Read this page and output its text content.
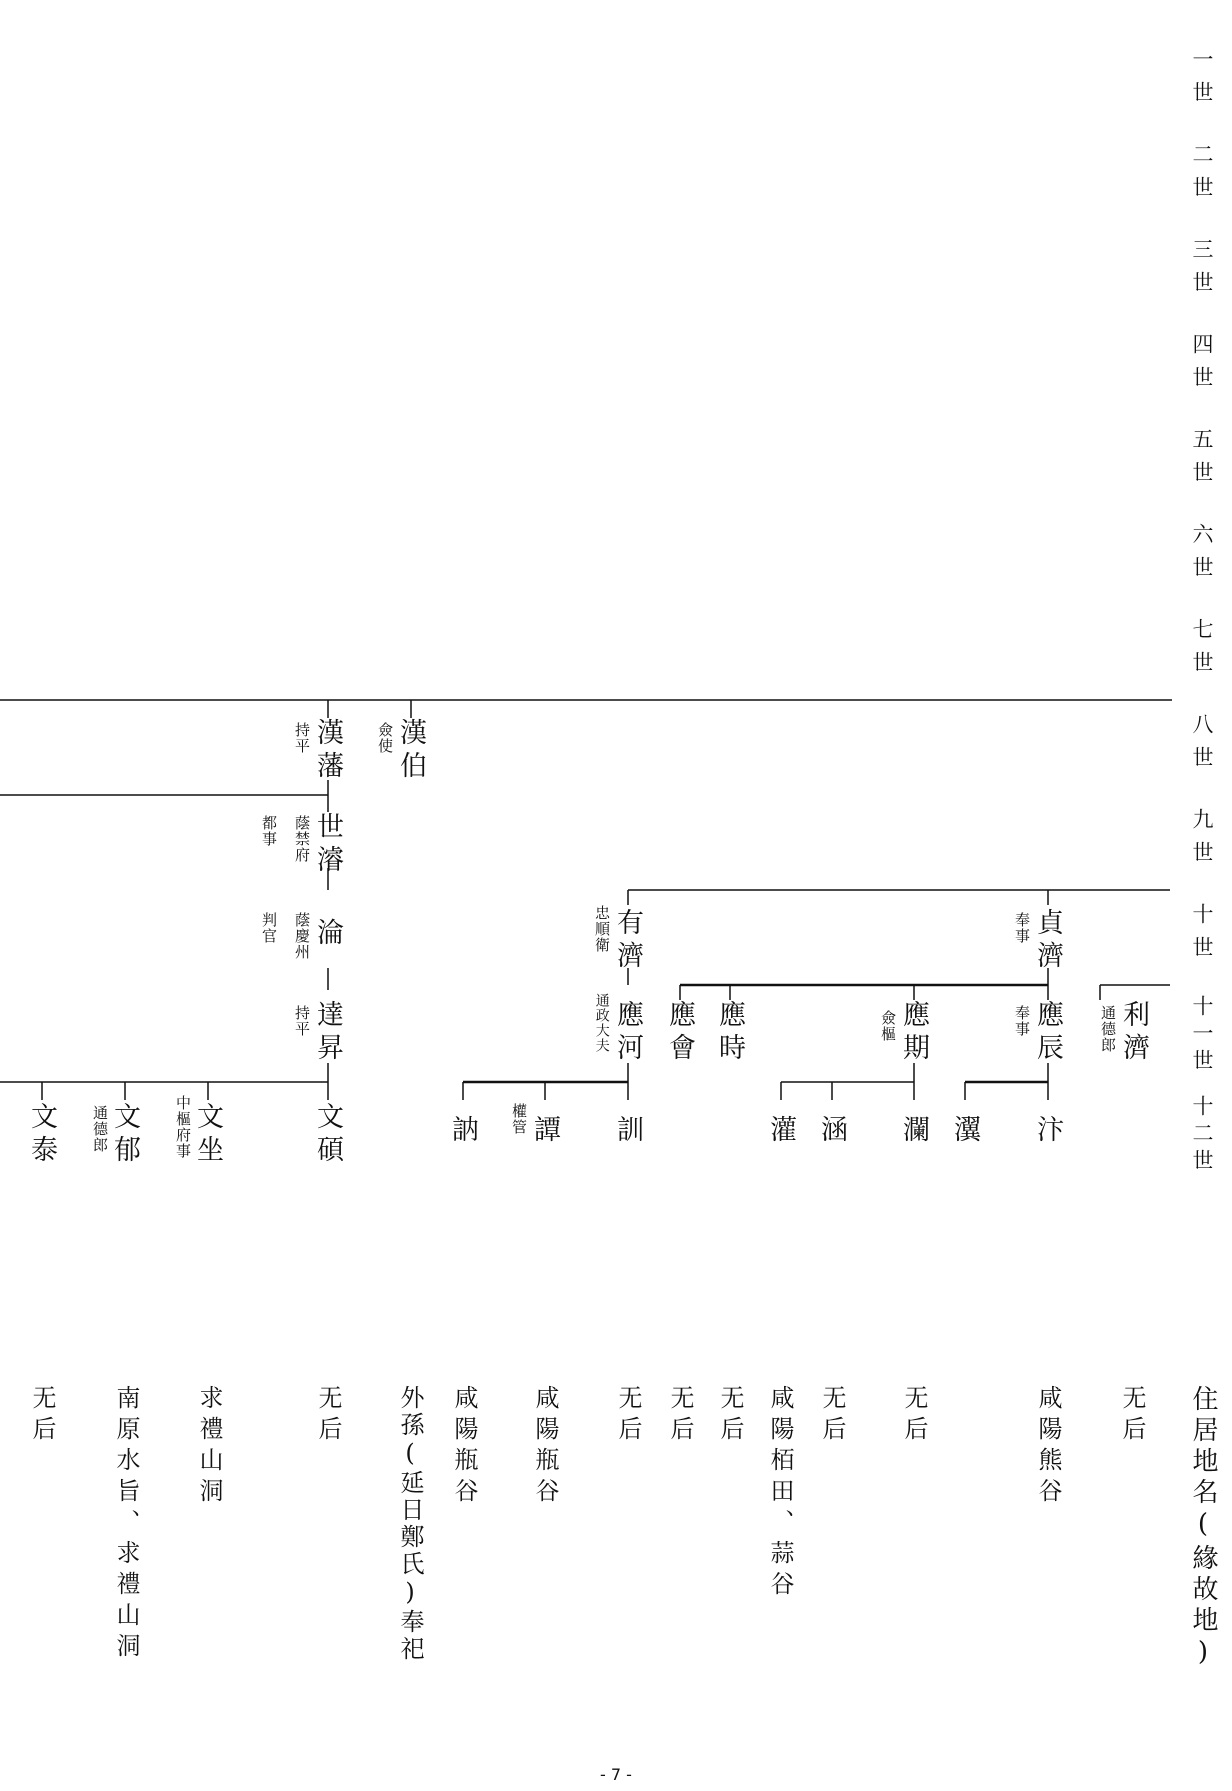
一世
二世
三世
四世
五世
六世
七世
八世
九世
十世
十一世
十二世
漢伯
僉使
漢藩
持平
世濬
蔭禁府
都事
淪
蔭慶州
判官	有濟
忠順衛	貞濟
奉事
達昇
持平	應河
通政大夫 應會 應時	應期
僉樞	應辰
奉事	利濟
通德郎
文碩
文坐
中樞府事
文郁
通德郎
文泰	訓
譚
權管
訥	灌 涵 瀾 瀷 汴
住居地名(緣故地)
无后
咸陽熊谷
无后
无后
咸陽栢田、蒜谷
无后
无后
无后
咸陽瓶谷
咸陽瓶谷
外孫(延日鄭氏)奉祀
无后
求禮山洞
南原水旨、求禮山洞
无后
- 7 -
